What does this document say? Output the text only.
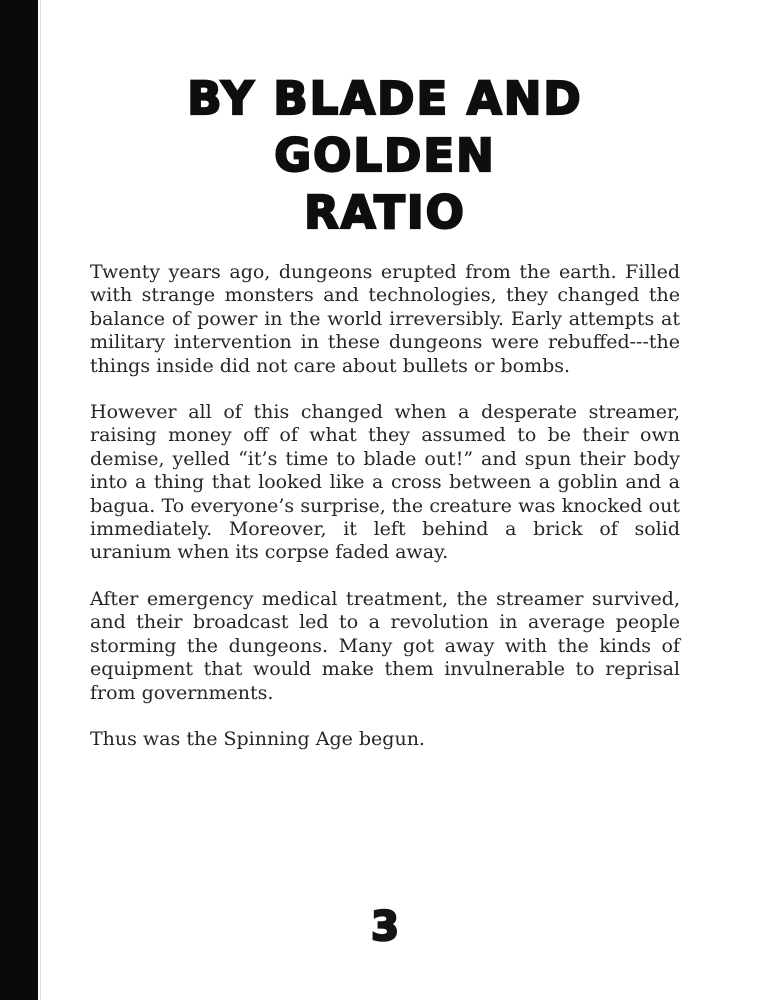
BY BLADE AND GOLDEN
RATIO

Twenty years ago, dungeons erupted from the earth. Filled with strange monsters and technologies, they changed the balance of power in the world irreversibly. Early attempts at military intervention in these dungeons were rebuffed---the things inside did not care about bullets or bombs.

However all of this changed when a desperate streamer, raising money off of what they assumed to be their own demise, yelled “it’s time to blade out!” and spun their body into a thing that looked like a cross between a goblin and a bagua. To everyone’s surprise, the creature was knocked out immediately. Moreover, it left behind a brick of solid uranium when its corpse faded away.

After emergency medical treatment, the streamer survived, and their broadcast led to a revolution in average people storming the dungeons. Many got away with the kinds of equipment that would make them invulnerable to reprisal from governments.

Thus was the Spinning Age begun.

3
